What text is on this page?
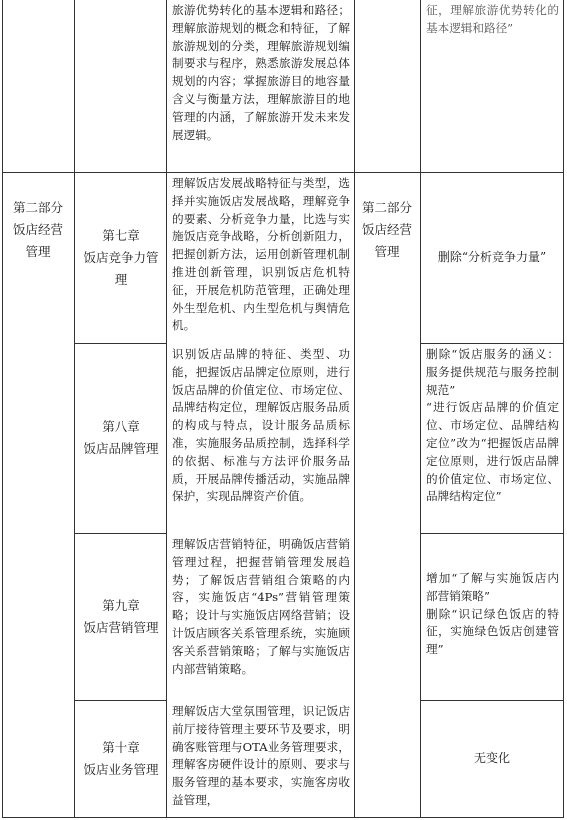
旅游优势转化的基本逻辑和路径；理解旅游规划的概念和特征，了解旅游规划的分类，理解旅游规划编制要求与程序，熟悉旅游发展总体规划的内容；掌握旅游目的地容量含义与衡量方法，理解旅游目的地管理的内涵，了解旅游开发未来发展逻辑。
征，理解旅游优势转化的基本逻辑和路径”
第二部分
饭店经营
管理
第二部分
饭店经营
管理
第七章
饭店竞争力管
理
理解饭店发展战略特征与类型，选择并实施饭店发展战略，理解竞争的要素、分析竞争力量，比选与实施饭店竞争战略，分析创新阻力，把握创新方法，运用创新管理机制推进创新管理，识别饭店危机特征，开展危机防范管理，正确处理外生型危机、内生型危机与舆情危机。
删除“分析竞争力量”
第八章
饭店品牌管理
识别饭店品牌的特征、类型、功能，把握饭店品牌定位原则，进行饭店品牌的价值定位、市场定位、品牌结构定位，理解饭店服务品质的构成与特点，设计服务品质标准，实施服务品质控制，选择科学的依据、标准与方法评价服务品质，开展品牌传播活动，实施品牌保护，实现品牌资产价值。
删除“饭店服务的涵义：服务提供规范与服务控制规范”
“进行饭店品牌的价值定位、市场定位、品牌结构定位”改为“把握饭店品牌定位原则，进行饭店品牌的价值定位、市场定位、品牌结构定位”
第九章
饭店营销管理
理解饭店营销特征，明确饭店营销管理过程，把握营销管理发展趋势；了解饭店营销组合策略的内容，实施饭店“4Ps”营销管理策略；设计与实施饭店网络营销；设计饭店顾客关系管理系统，实施顾客关系营销策略；了解与实施饭店内部营销策略。
增加“了解与实施饭店内部营销策略”
删除“识记绿色饭店的特征，实施绿色饭店创建管理”
第十章
饭店业务管理
理解饭店大堂氛围管理，识记饭店前厅接待管理主要环节及要求，明确客账管理与OTA业务管理要求，理解客房硬件设计的原则、要求与服务管理的基本要求，实施客房收益管理，
无变化
